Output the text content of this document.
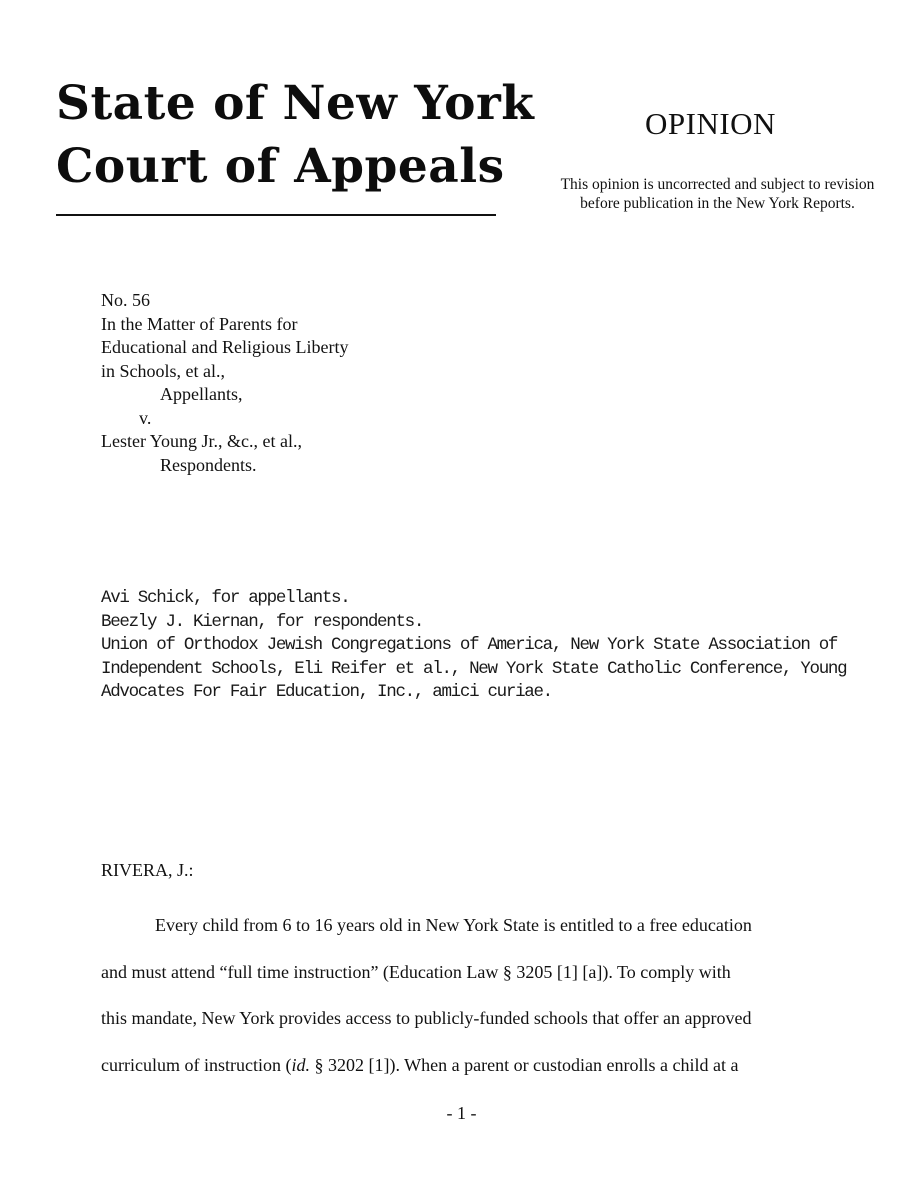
State of New York
Court of Appeals
OPINION
This opinion is uncorrected and subject to revision
before publication in the New York Reports.
No. 56
In the Matter of Parents for
Educational and Religious Liberty
in Schools, et al.,
Appellants,
v.
Lester Young Jr., &c., et al.,
Respondents.
Avi Schick, for appellants.
Beezly J. Kiernan, for respondents.
Union of Orthodox Jewish Congregations of America, New York State Association of
Independent Schools, Eli Reifer et al., New York State Catholic Conference, Young
Advocates For Fair Education, Inc., amici curiae.
RIVERA, J.:
Every child from 6 to 16 years old in New York State is entitled to a free education
and must attend “full time instruction” (Education Law § 3205 [1] [a]). To comply with
this mandate, New York provides access to publicly-funded schools that offer an approved
curriculum of instruction (id. § 3202 [1]). When a parent or custodian enrolls a child at a
- 1 -
